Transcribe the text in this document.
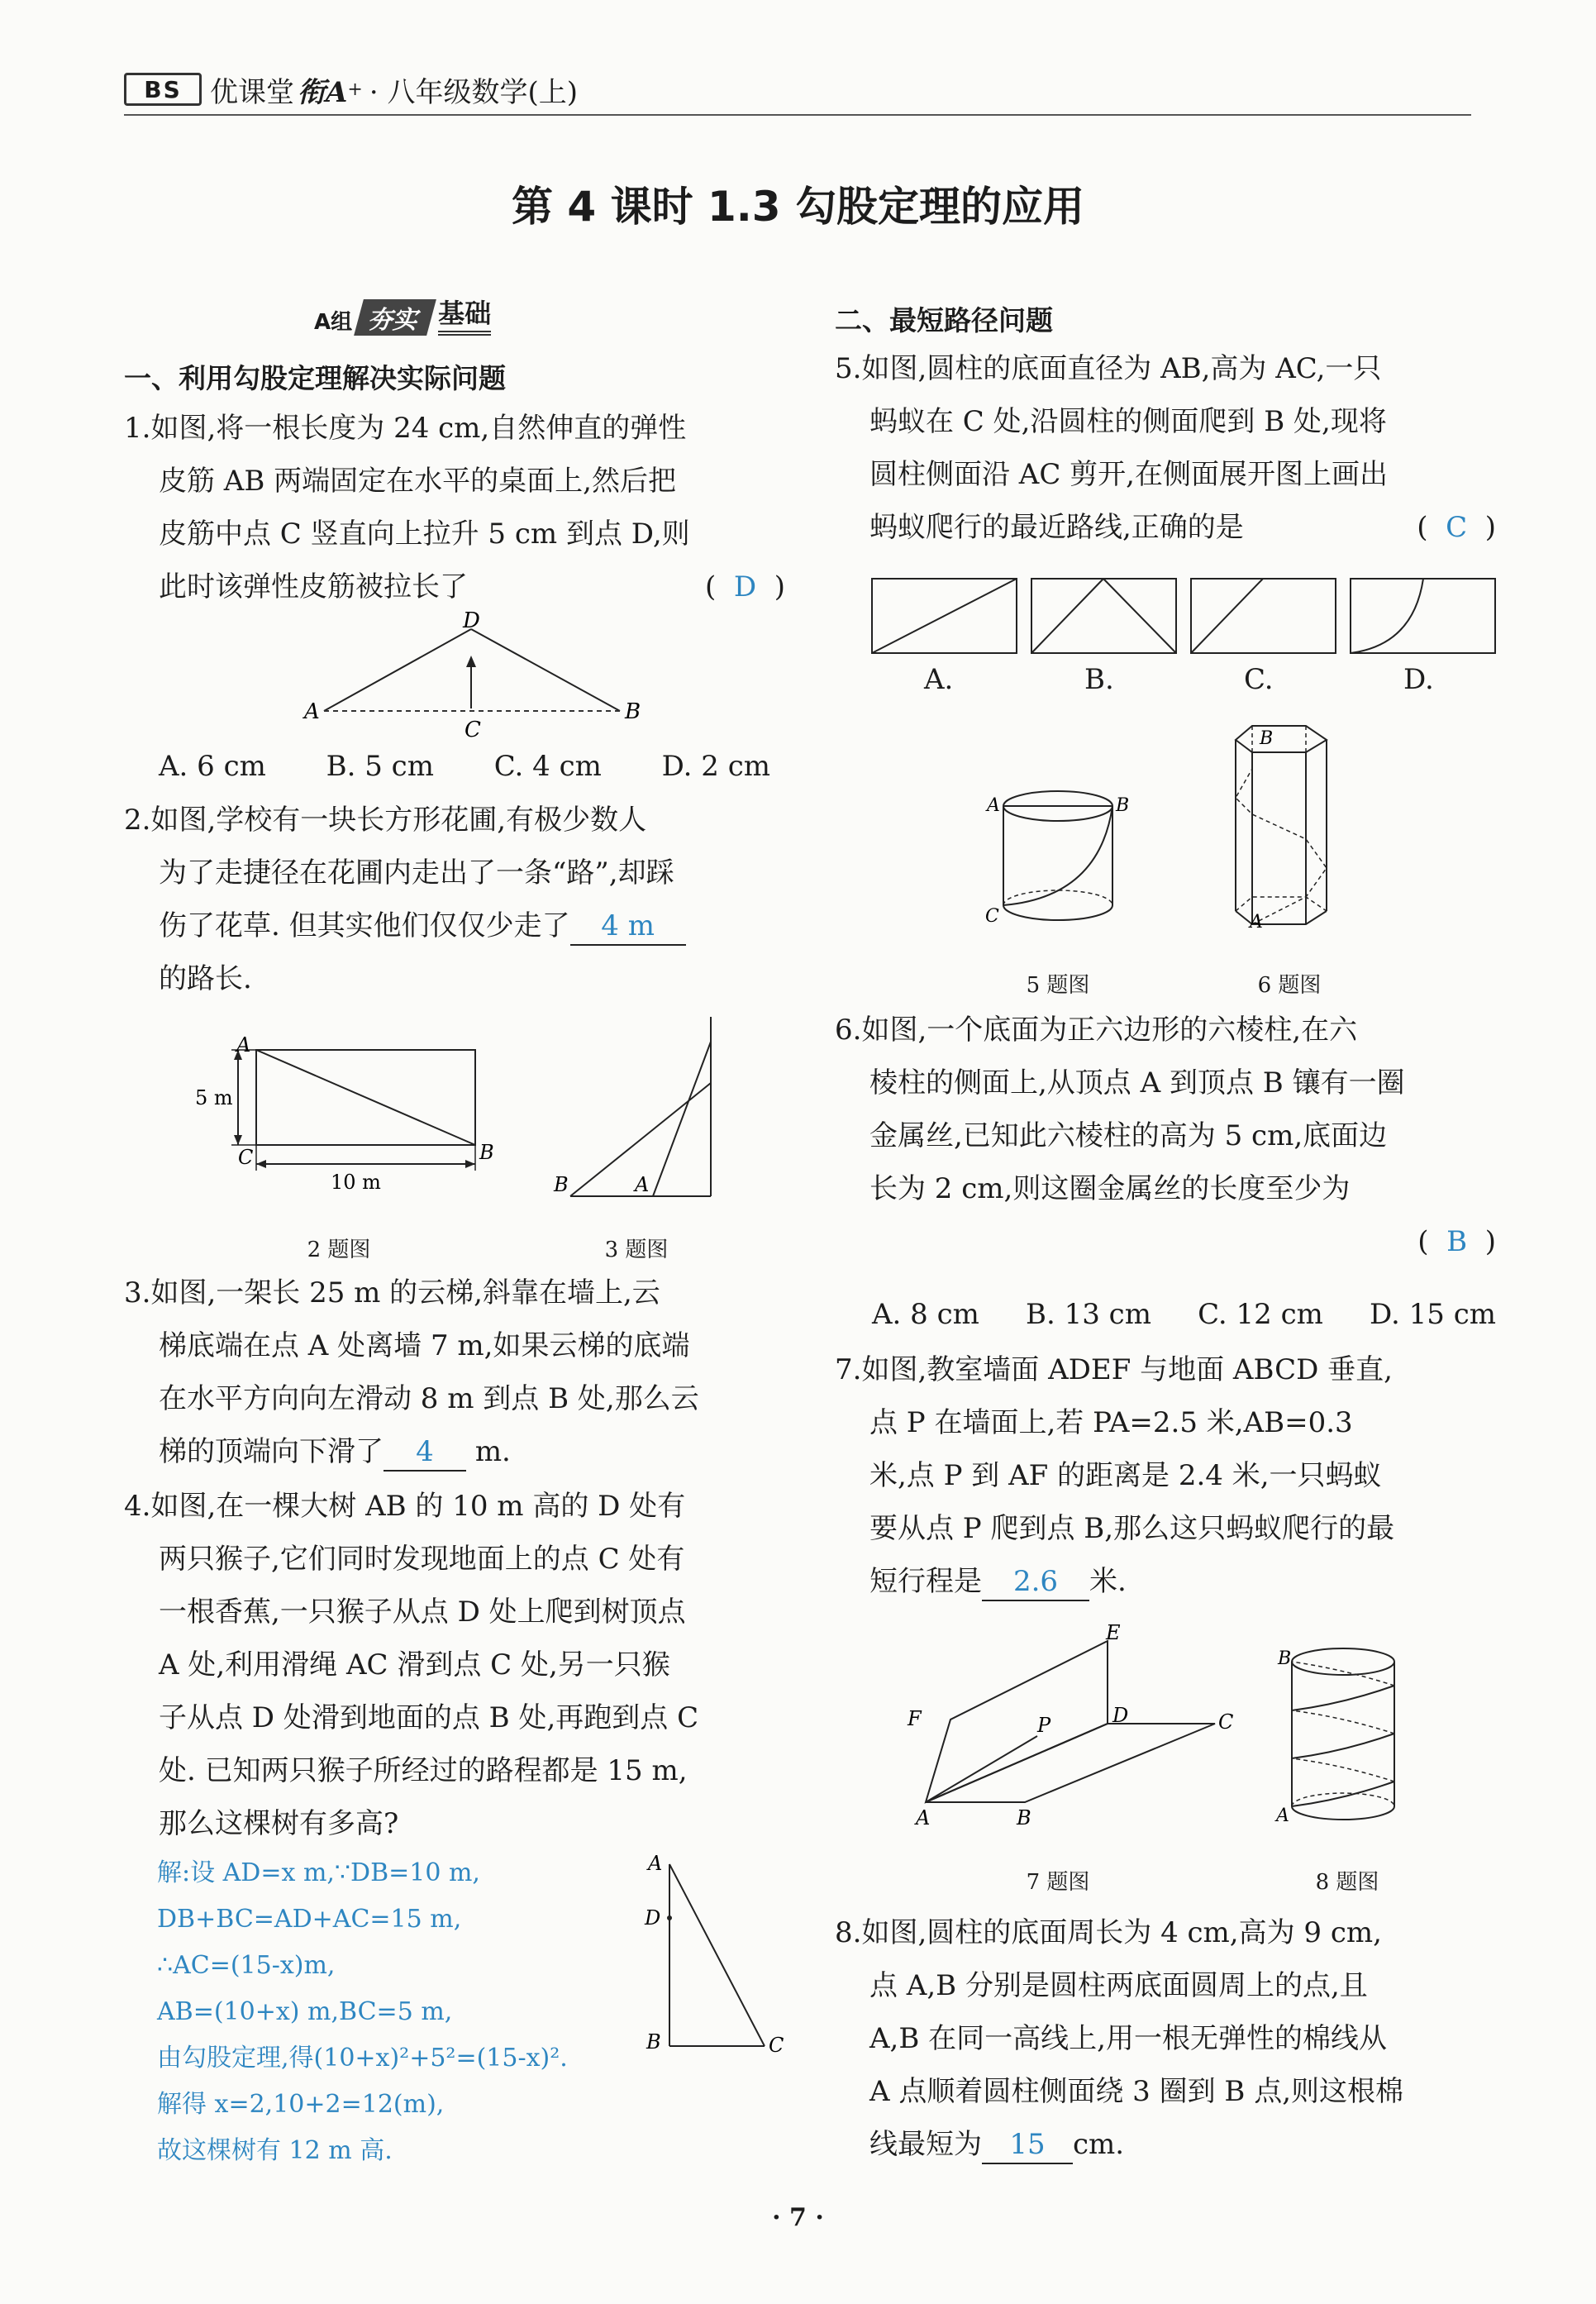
BS	优课堂 衔A + · 八年级数学(上)
第 4 课时 1.3 勾股定理的应用
A组 夯实 基础
一、利用勾股定理解决实际问题
1.如图,将一根长度为 24 cm,自然伸直的弹性
皮筋 AB 两端固定在水平的桌面上,然后把
皮筋中点 C 竖直向上拉升 5 cm 到点 D,则
此时该弹性皮筋被拉长了	(  D  )
D
A	B
C
A. 6 cm B. 5 cm C. 4 cm D. 2 cm
2.如图,学校有一块长方形花圃,有极少数人
为了走捷径在花圃内走出了一条“路”,却踩
伤了花草. 但其实他们仅仅少走了 4 m
的路长.
A
C	B
5 m
10 m
2 题图
B	A
3 题图
3.如图,一架长 25 m 的云梯,斜靠在墙上,云
梯底端在点 A 处离墙 7 m,如果云梯的底端
在水平方向向左滑动 8 m 到点 B 处,那么云
梯的顶端向下滑了 4 m.
4.如图,在一棵大树 AB 的 10 m 高的 D 处有
两只猴子,它们同时发现地面上的点 C 处有
一根香蕉,一只猴子从点 D 处上爬到树顶点
A 处,利用滑绳 AC 滑到点 C 处,另一只猴
子从点 D 处滑到地面的点 B 处,再跑到点 C
处. 已知两只猴子所经过的路程都是 15 m,
那么这棵树有多高?
解:设 AD=x m,∵DB=10 m,
DB+BC=AD+AC=15 m,
∴AC=(15-x)m,
AB=(10+x) m,BC=5 m,
由勾股定理,得(10+x)²+5²=(15-x)².
解得 x=2,10+2=12(m),
故这棵树有 12 m 高.
A
D
B	C
二、最短路径问题
5.如图,圆柱的底面直径为 AB,高为 AC,一只
蚂蚁在 C 处,沿圆柱的侧面爬到 B 处,现将
圆柱侧面沿 AC 剪开,在侧面展开图上画出
蚂蚁爬行的最近路线,正确的是	(  C  )
A.	B.	C.	D.
A	B
C
5 题图
B
A
6 题图
6.如图,一个底面为正六边形的六棱柱,在六
棱柱的侧面上,从顶点 A 到顶点 B 镶有一圈
金属丝,已知此六棱柱的高为 5 cm,底面边
长为 2 cm,则这圈金属丝的长度至少为
(  B  )
A. 8 cm B. 13 cm C. 12 cm D. 15 cm
7.如图,教室墙面 ADEF 与地面 ABCD 垂直,
点 P 在墙面上,若 PA=2.5 米,AB=0.3
米,点 P 到 AF 的距离是 2.4 米,一只蚂蚁
要从点 P 爬到点 B,那么这只蚂蚁爬行的最
短行程是 2.6 米.
F
E
P	D	C
A	B
7 题图
B
A
8 题图
8.如图,圆柱的底面周长为 4 cm,高为 9 cm,
点 A,B 分别是圆柱两底面圆周上的点,且
A,B 在同一高线上,用一根无弹性的棉线从
A 点顺着圆柱侧面绕 3 圈到 B 点,则这根棉
线最短为 15 cm.
· 7 ·
